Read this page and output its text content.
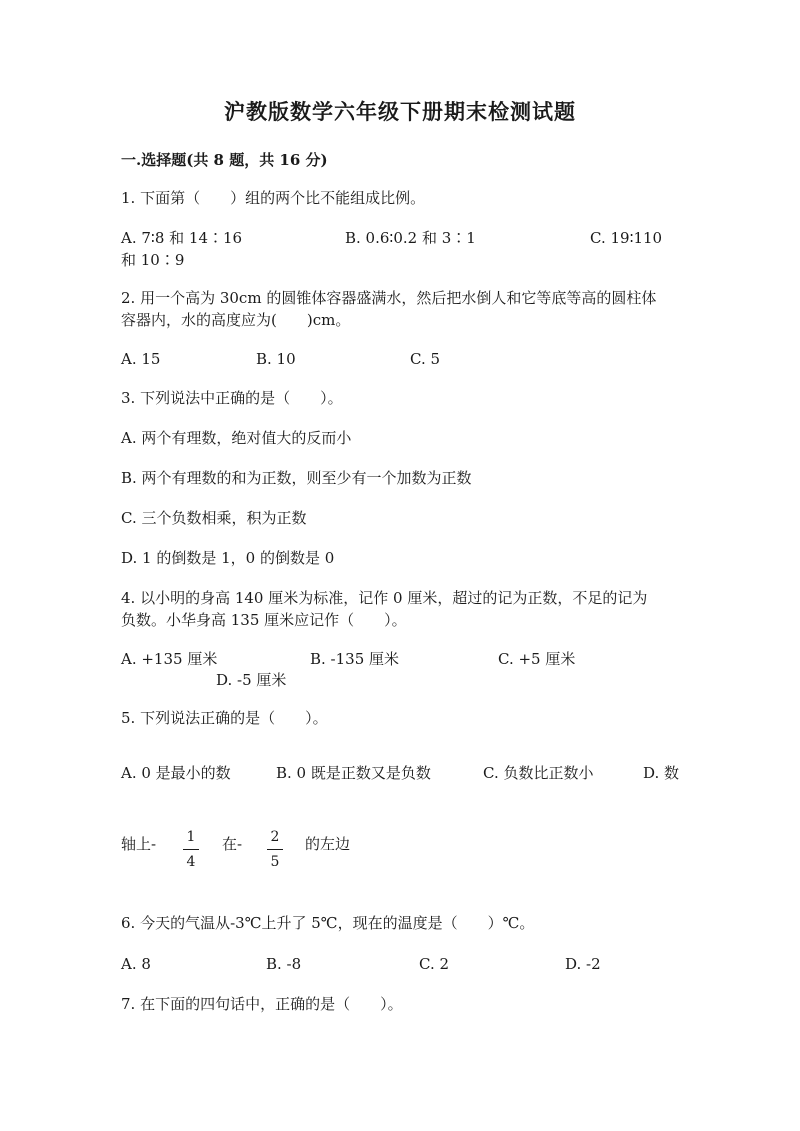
沪教版数学六年级下册期末检测试题
一.选择题(共 8 题，共 16 分)
1. 下面第（　　）组的两个比不能组成比例。
A. 7∶8 和 14∶16	B. 0.6∶0.2 和 3∶1	C. 19∶110
和 10∶9
2. 用一个高为 30cm 的圆锥体容器盛满水，然后把水倒人和它等底等高的圆柱体
容器内，水的高度应为(　　)cm。
A. 15	B. 10	C. 5
3. 下列说法中正确的是（　　）。
A. 两个有理数，绝对值大的反而小
B. 两个有理数的和为正数，则至少有一个加数为正数
C. 三个负数相乘，积为正数
D. 1 的倒数是 1，0 的倒数是 0
4. 以小明的身高 140 厘米为标准，记作 0 厘米，超过的记为正数，不足的记为
负数。小华身高 135 厘米应记作（　　）。
A. +135 厘米	B. -135 厘米	C. +5 厘米
D. -5 厘米
5. 下列说法正确的是（　　）。
A. 0 是最小的数	B. 0 既是正数又是负数	C. 负数比正数小	D. 数
轴上-	1
4
在-	2
5
的左边
6. 今天的气温从-3℃上升了 5℃，现在的温度是（　　）℃。
A. 8	B. -8	C. 2	D. -2
7. 在下面的四句话中，正确的是（　　）。
